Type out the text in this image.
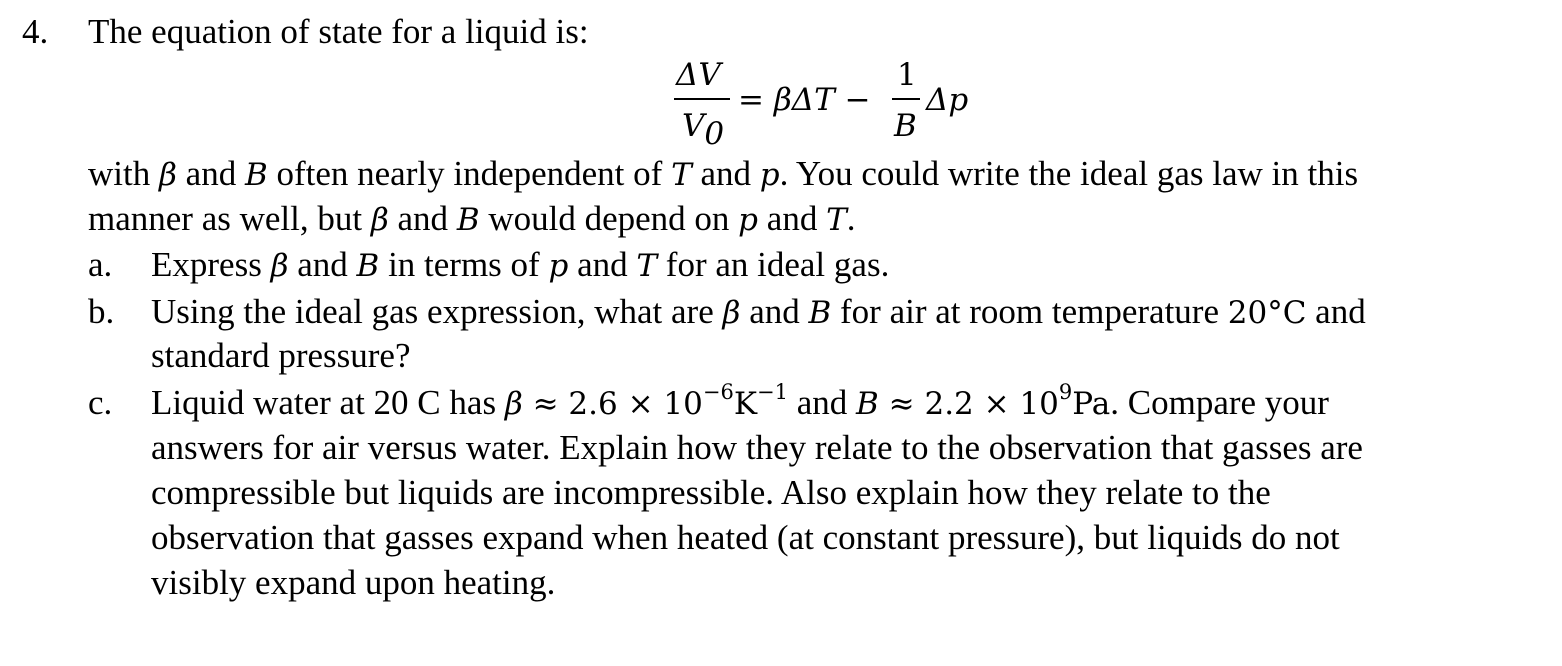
4. The equation of state for a liquid is:
ΔV
$V_0$
= βΔT −
1
B
Δp
with β and B often nearly independent of T and p. You could write the ideal gas law in this
manner as well, but β and B would depend on p and T.
a. Express β and B in terms of p and T for an ideal gas.
b. Using the ideal gas expression, what are β and B for air at room temperature 20°C and
standard pressure?
c. Liquid water at 20 C has $\beta \approx 2.6 \times 10^{-6}K^{-1}$ and $B \approx 2.2 \times 10^9Pa$. Compare your
answers for air versus water. Explain how they relate to the observation that gasses are
compressible but liquids are incompressible. Also explain how they relate to the
observation that gasses expand when heated (at constant pressure), but liquids do not
visibly expand upon heating.
